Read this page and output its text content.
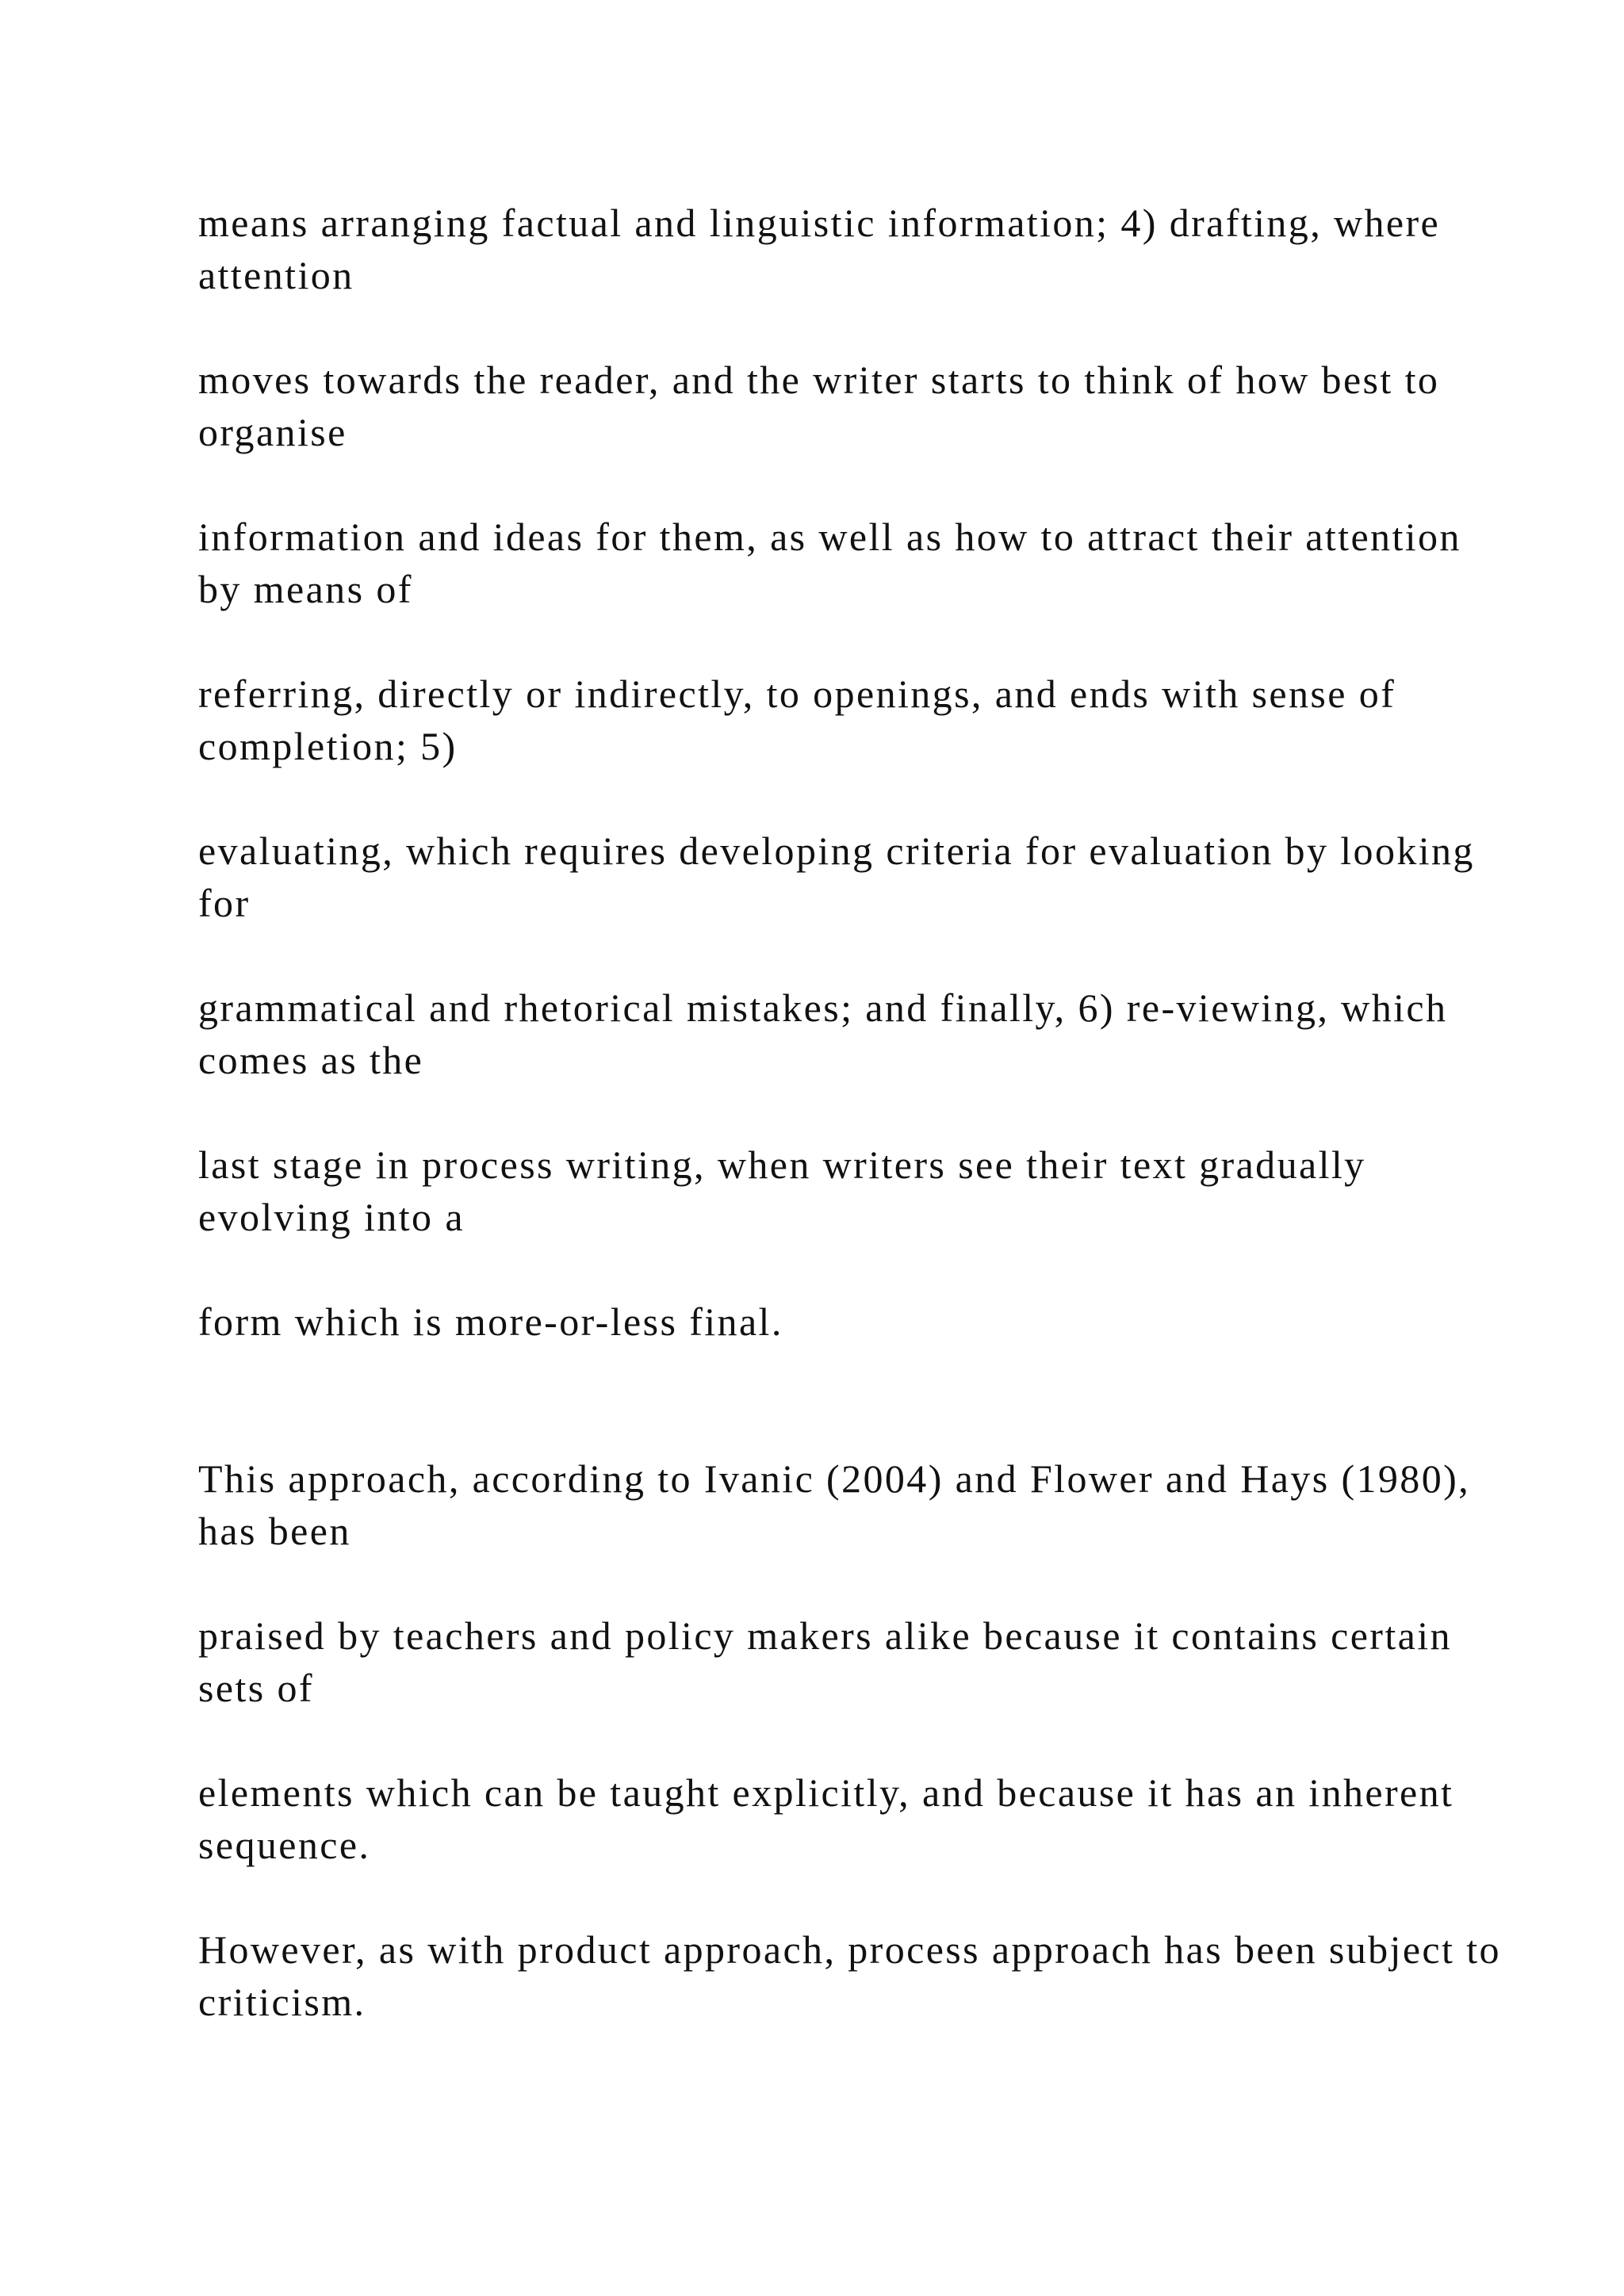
means arranging factual and linguistic information; 4) drafting, where attention

moves towards the reader, and the writer starts to think of how best to organise

information and ideas for them, as well as how to attract their attention by means of

referring, directly or indirectly, to openings, and ends with sense of completion; 5)

evaluating, which requires developing criteria for evaluation by looking for

grammatical and rhetorical mistakes; and finally, 6) re-viewing, which comes as the

last stage in process writing, when writers see their text gradually evolving into a

form which is more-or-less final.

This approach, according to Ivanic (2004) and Flower and Hays (1980), has been

praised by teachers and policy makers alike because it contains certain sets of

elements which can be taught explicitly, and because it has an inherent sequence.

However, as with product approach, process approach has been subject to criticism.
